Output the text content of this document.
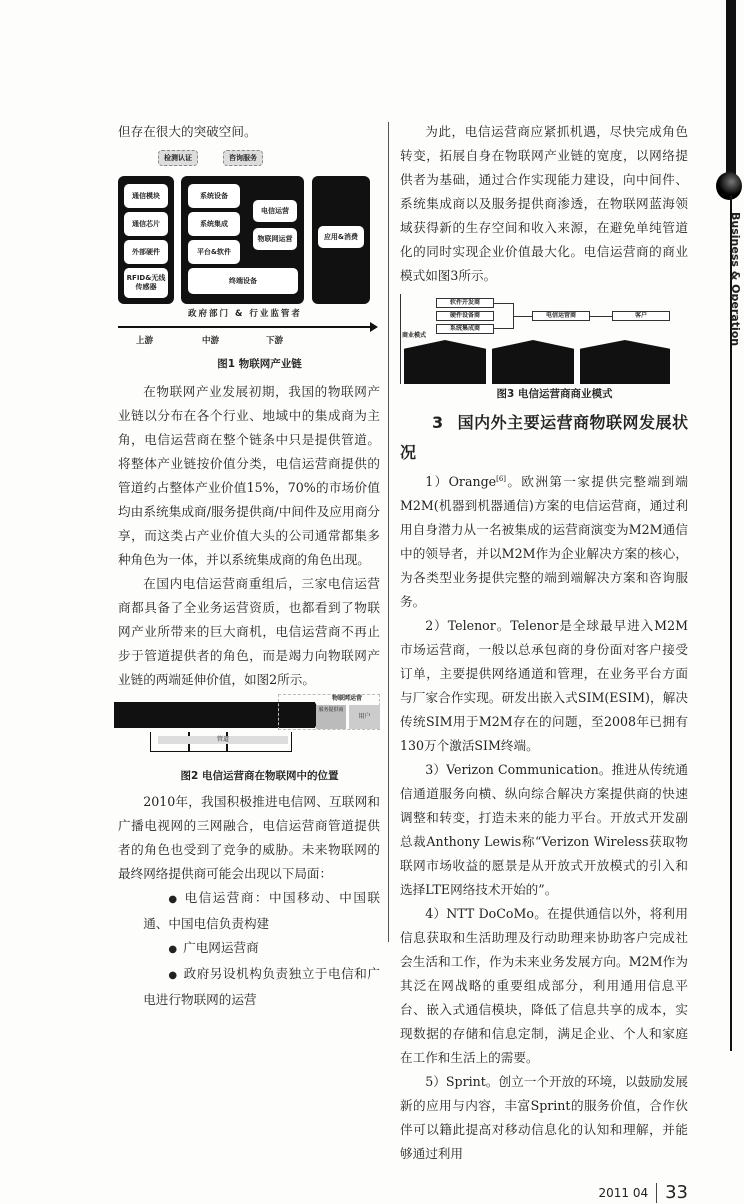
但存在很大的突破空间。

检测认证	咨询服务
通信模块
通信芯片
外部硬件
RFID&无线传感器
系统设备
系统集成
平台&软件
终端设备
电信运营
物联网运营	应用&消费
政府部门 & 行业监管者
上游	中游	下游

图1 物联网产业链

在物联网产业发展初期，我国的物联网产业链以分布在各个行业、地域中的集成商为主角，电信运营商在整个链条中只是提供管道。将整体产业链按价值分类，电信运营商提供的管道约占整体产业价值15%，70%的市场价值均由系统集成商/服务提供商/中间件及应用商分享，而这类占产业价值大头的公司通常都集多种角色为一体，并以系统集成商的角色出现。

在国内电信运营商重组后，三家电信运营商都具备了全业务运营资质，也都看到了物联网产业所带来的巨大商机，电信运营商不再止步于管道提供者的角色，而是竭力向物联网产业链的两端延伸价值，如图2所示。

物联网运营
服务提供商
用户
管道

图2 电信运营商在物联网中的位置

2010年，我国积极推进电信网、互联网和广播电视网的三网融合，电信运营商管道提供者的角色也受到了竞争的威胁。未来物联网的最终网络提供商可能会出现以下局面：

● 电信运营商：中国移动、中国联通、中国电信负责构建

● 广电网运营商

● 政府另设机构负责独立于电信和广电进行物联网的运营

为此，电信运营商应紧抓机遇，尽快完成角色转变，拓展自身在物联网产业链的宽度，以网络提供者为基础，通过合作实现能力建设，向中间件、系统集成商以及服务提供商渗透，在物联网蓝海领域获得新的生存空间和收入来源，在避免单纯管道化的同时实现企业价值最大化。电信运营商的商业模式如图3所示。

商业模式
软件开发商
硬件设备商
系统集成商
电信运营商	客户

图3 电信运营商商业模式

3 国内外主要运营商物联网发展状况

1）Orange[6]。欧洲第一家提供完整端到端M2M(机器到机器通信)方案的电信运营商，通过利用自身潜力从一名被集成的运营商演变为M2M通信中的领导者，并以M2M作为企业解决方案的核心，为各类型业务提供完整的端到端解决方案和咨询服务。

2）Telenor。Telenor是全球最早进入M2M市场运营商，一般以总承包商的身份面对客户接受订单，主要提供网络通道和管理，在业务平台方面与厂家合作实现。研发出嵌入式SIM(ESIM)，解决传统SIM用于M2M存在的问题，至2008年已拥有130万个激活SIM终端。

3）Verizon Communication。推进从传统通信通道服务向横、纵向综合解决方案提供商的快速调整和转变，打造未来的能力平台。开放式开发副总裁Anthony Lewis称“Verizon Wireless获取物联网市场收益的愿景是从开放式开放模式的引入和选择LTE网络技术开始的”。

4）NTT DoCoMo。在提供通信以外，将利用信息获取和生活助理及行动助理来协助客户完成社会生活和工作，作为未来业务发展方向。M2M作为其泛在网战略的重要组成部分，利用通用信息平台、嵌入式通信模块，降低了信息共享的成本，实现数据的存储和信息定制，满足企业、个人和家庭在工作和生活上的需要。

5）Sprint。创立一个开放的环境，以鼓励发展新的应用与内容，丰富Sprint的服务价值，合作伙伴可以籍此提高对移动信息化的认知和理解，并能够通过利用

2011 04 33
Business & Operation
